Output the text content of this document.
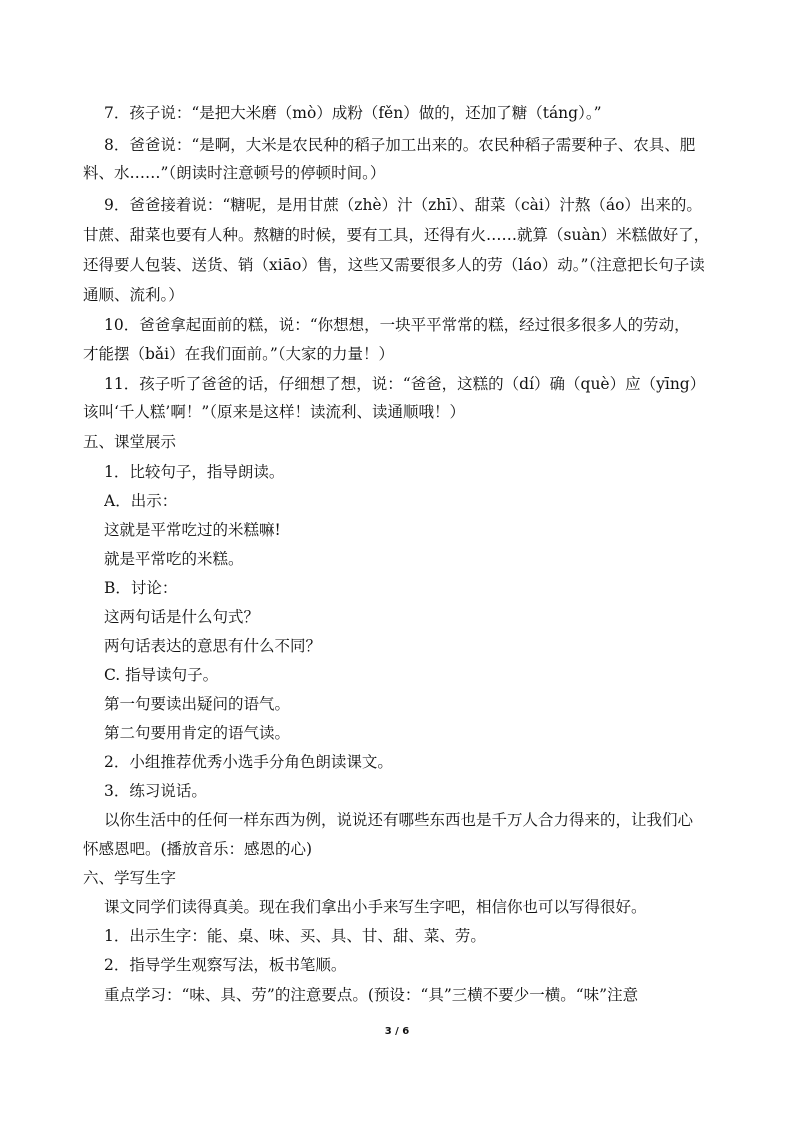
7．孩子说：“是把大米磨（mò）成粉（fěn）做的，还加了糖（táng）。”
8．爸爸说：“是啊，大米是农民种的稻子加工出来的。农民种稻子需要种子、农具、肥
料、水……”（朗读时注意顿号的停顿时间。）
9．爸爸接着说：“糖呢，是用甘蔗（zhè）汁（zhī）、甜菜（cài）汁熬（áo）出来的。
甘蔗、甜菜也要有人种。熬糖的时候，要有工具，还得有火……就算（suàn）米糕做好了，
还得要人包装、送货、销（xiāo）售，这些又需要很多人的劳（láo）动。”（注意把长句子读
通顺、流利。）
10．爸爸拿起面前的糕，说：“你想想，一块平平常常的糕，经过很多很多人的劳动，
才能摆（bǎi）在我们面前。”（大家的力量！）
11．孩子听了爸爸的话，仔细想了想，说：“爸爸，这糕的（dí）确（què）应（yīng）
该叫‘千人糕’啊！”（原来是这样！读流利、读通顺哦！）
五、课堂展示
1．比较句子，指导朗读。
A．出示：
这就是平常吃过的米糕嘛!
就是平常吃的米糕。
B．讨论：
这两句话是什么句式？
两句话表达的意思有什么不同？
C. 指导读句子。
第一句要读出疑问的语气。
第二句要用肯定的语气读。
2．小组推荐优秀小选手分角色朗读课文。
3．练习说话。
以你生活中的任何一样东西为例，说说还有哪些东西也是千万人合力得来的，让我们心
怀感恩吧。(播放音乐：感恩的心)
六、学写生字
课文同学们读得真美。现在我们拿出小手来写生字吧，相信你也可以写得很好。
1．出示生字：能、桌、味、买、具、甘、甜、菜、劳。
2．指导学生观察写法，板书笔顺。
重点学习：“味、具、劳”的注意要点。(预设：“具”三横不要少一横。“味”注意
3 / 6
